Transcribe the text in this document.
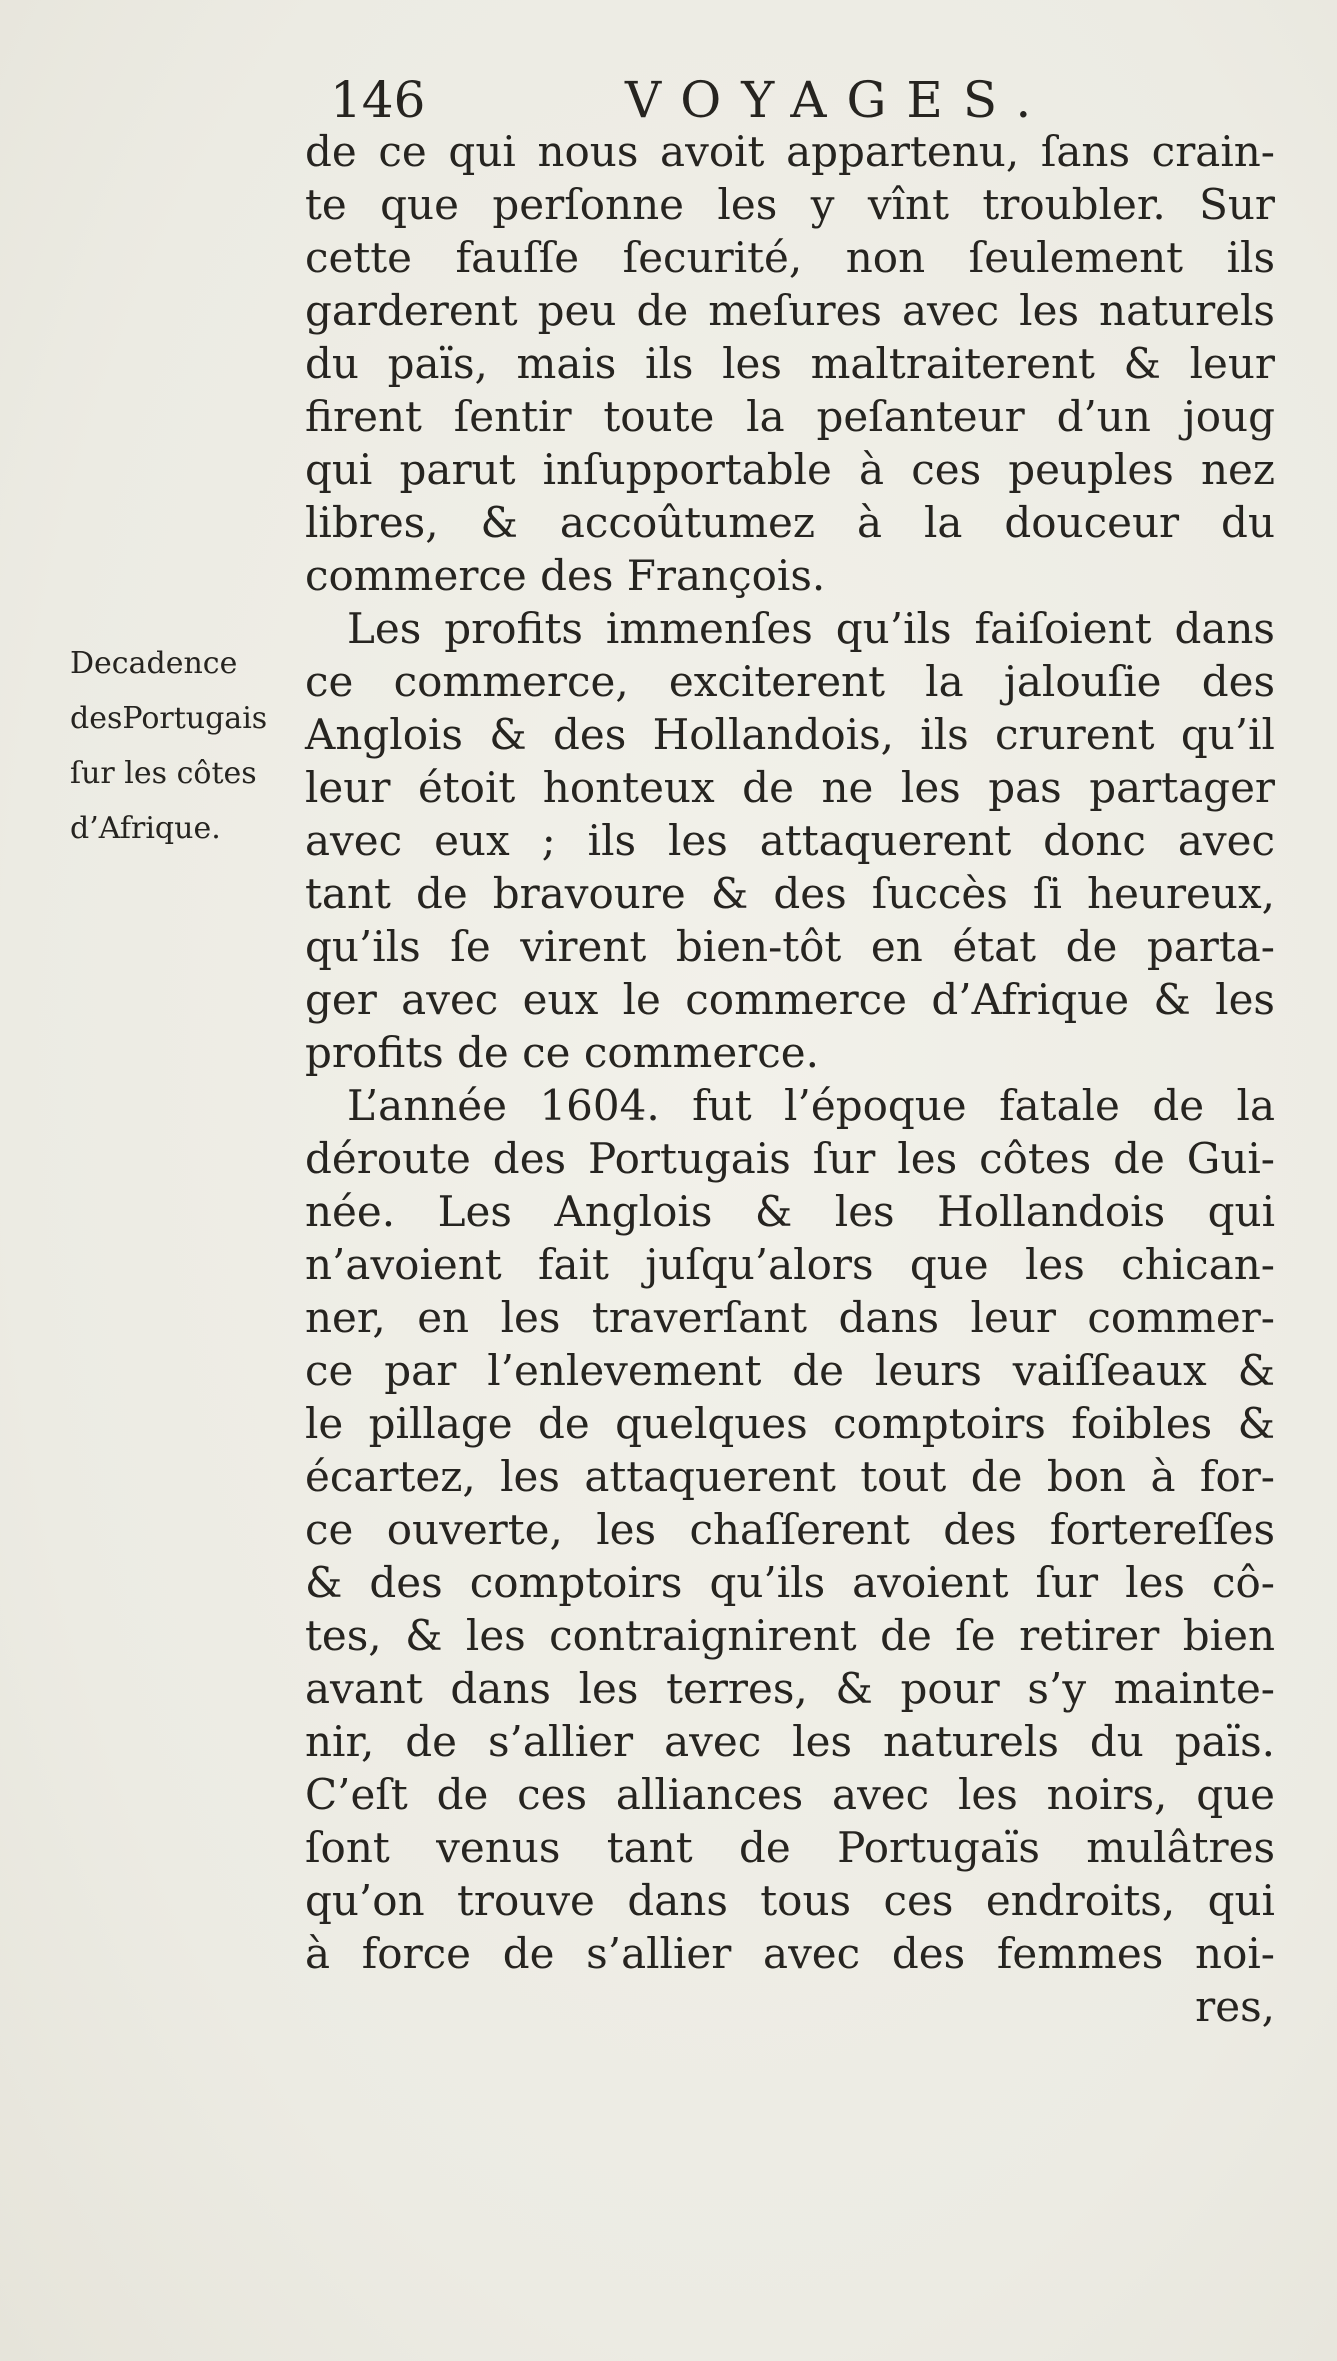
146	VOYAGES.
Decadence
desPortugais
ſur les côtes
d’Afrique.
de ce qui nous avoit appartenu, ſans crain-
te que perſonne les y vînt troubler. Sur
cette fauſſe ſecurité, non ſeulement ils
garderent peu de meſures avec les naturels
du païs, mais ils les maltraiterent & leur
firent ſentir toute la peſanteur d’un joug
qui parut inſupportable à ces peuples nez
libres, & accoûtumez à la douceur du
commerce des François.
Les profits immenſes qu’ils faiſoient dans
ce commerce, exciterent la jalouſie des
Anglois & des Hollandois, ils crurent qu’il
leur étoit honteux de ne les pas partager
avec eux ; ils les attaquerent donc avec
tant de bravoure & des ſuccès ſi heureux,
qu’ils ſe virent bien-tôt en état de parta-
ger avec eux le commerce d’Afrique & les
profits de ce commerce.
L’année 1604. fut l’époque fatale de la
déroute des Portugais ſur les côtes de Gui-
née. Les Anglois & les Hollandois qui
n’avoient fait juſqu’alors que les chican-
ner, en les traverſant dans leur commer-
ce par l’enlevement de leurs vaiſſeaux &
le pillage de quelques comptoirs foibles &
écartez, les attaquerent tout de bon à for-
ce ouverte, les chaſſerent des fortereſſes
& des comptoirs qu’ils avoient ſur les cô-
tes, & les contraignirent de ſe retirer bien
avant dans les terres, & pour s’y mainte-
nir, de s’allier avec les naturels du païs.
C’eſt de ces alliances avec les noirs, que
ſont venus tant de Portugaïs mulâtres
qu’on trouve dans tous ces endroits, qui
à force de s’allier avec des femmes noi-
res,
